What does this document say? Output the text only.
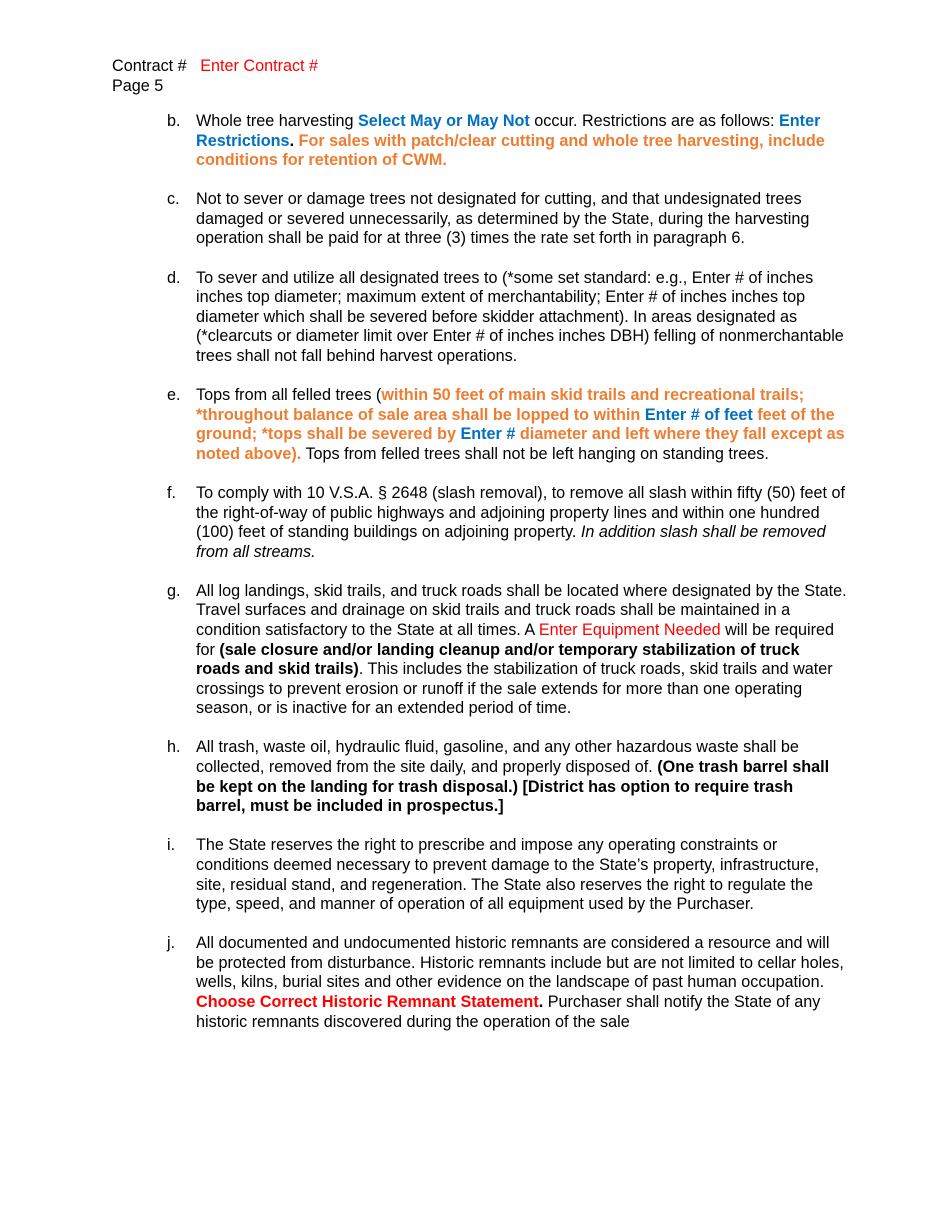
Contract # Enter Contract #
Page 5
b. Whole tree harvesting Select May or May Not occur. Restrictions are as follows: Enter Restrictions. For sales with patch/clear cutting and whole tree harvesting, include conditions for retention of CWM.
c. Not to sever or damage trees not designated for cutting, and that undesignated trees damaged or severed unnecessarily, as determined by the State, during the harvesting operation shall be paid for at three (3) times the rate set forth in paragraph 6.
d. To sever and utilize all designated trees to (*some set standard: e.g., Enter # of inches inches top diameter; maximum extent of merchantability; Enter # of inches inches top diameter which shall be severed before skidder attachment). In areas designated as (*clearcuts or diameter limit over Enter # of inches inches DBH) felling of nonmerchantable trees shall not fall behind harvest operations.
e. Tops from all felled trees (within 50 feet of main skid trails and recreational trails; *throughout balance of sale area shall be lopped to within Enter # of feet feet of the ground; *tops shall be severed by Enter # diameter and left where they fall except as noted above). Tops from felled trees shall not be left hanging on standing trees.
f. To comply with 10 V.S.A. § 2648 (slash removal), to remove all slash within fifty (50) feet of the right-of-way of public highways and adjoining property lines and within one hundred (100) feet of standing buildings on adjoining property. In addition slash shall be removed from all streams.
g. All log landings, skid trails, and truck roads shall be located where designated by the State. Travel surfaces and drainage on skid trails and truck roads shall be maintained in a condition satisfactory to the State at all times. A Enter Equipment Needed will be required for (sale closure and/or landing cleanup and/or temporary stabilization of truck roads and skid trails). This includes the stabilization of truck roads, skid trails and water crossings to prevent erosion or runoff if the sale extends for more than one operating season, or is inactive for an extended period of time.
h. All trash, waste oil, hydraulic fluid, gasoline, and any other hazardous waste shall be collected, removed from the site daily, and properly disposed of. (One trash barrel shall be kept on the landing for trash disposal.) [District has option to require trash barrel, must be included in prospectus.]
i. The State reserves the right to prescribe and impose any operating constraints or conditions deemed necessary to prevent damage to the State’s property, infrastructure, site, residual stand, and regeneration. The State also reserves the right to regulate the type, speed, and manner of operation of all equipment used by the Purchaser.
j. All documented and undocumented historic remnants are considered a resource and will be protected from disturbance. Historic remnants include but are not limited to cellar holes, wells, kilns, burial sites and other evidence on the landscape of past human occupation. Choose Correct Historic Remnant Statement. Purchaser shall notify the State of any historic remnants discovered during the operation of the sale
